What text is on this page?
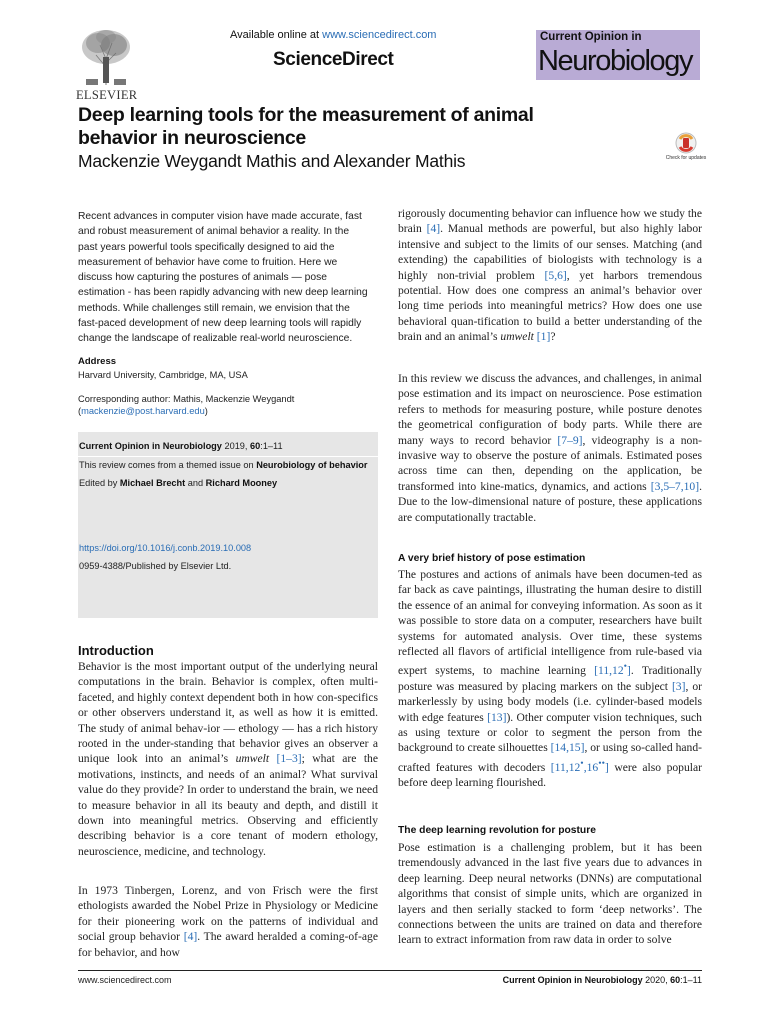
ELSEVIER
Available online at www.sciencedirect.com
ScienceDirect
Current Opinion in
Neurobiology
Deep learning tools for the measurement of animal behavior in neuroscience
Mackenzie Weygandt Mathis and Alexander Mathis	Check for updates
Recent advances in computer vision have made accurate, fast and robust measurement of animal behavior a reality. In the past years powerful tools specifically designed to aid the measurement of behavior have come to fruition. Here we discuss how capturing the postures of animals — pose estimation - has been rapidly advancing with new deep learning methods. While challenges still remain, we envision that the fast-paced development of new deep learning tools will rapidly change the landscape of realizable real-world neuroscience.
Address
Harvard University, Cambridge, MA, USA
Corresponding author: Mathis, Mackenzie Weygandt
(mackenzie@post.harvard.edu)
Current Opinion in Neurobiology 2019, 60:1–11
This review comes from a themed issue on Neurobiology of behavior
Edited by Michael Brecht and Richard Mooney
https://doi.org/10.1016/j.conb.2019.10.008
0959-4388/Published by Elsevier Ltd.
Introduction
Behavior is the most important output of the underlying neural computations in the brain. Behavior is complex, often multi-faceted, and highly context dependent both in how con-specifics or other observers understand it, as well as how it is emitted. The study of animal behav-ior — ethology — has a rich history rooted in the under-standing that behavior gives an observer a unique look into an animal’s umwelt [1–3]; what are the motivations, instincts, and needs of an animal? What survival value do they provide? In order to understand the brain, we need to measure behavior in all its beauty and depth, and distill it down into meaningful metrics. Observing and efficiently describing behavior is a core tenant of modern ethology, neuroscience, medicine, and technology.
In 1973 Tinbergen, Lorenz, and von Frisch were the first ethologists awarded the Nobel Prize in Physiology or Medicine for their pioneering work on the patterns of individual and social group behavior [4]. The award heralded a coming-of-age for behavior, and how
rigorously documenting behavior can influence how we study the brain [4]. Manual methods are powerful, but also highly labor intensive and subject to the limits of our senses. Matching (and extending) the capabilities of biologists with technology is a highly non-trivial problem [5,6], yet harbors tremendous potential. How does one compress an animal’s behavior over long time periods into meaningful metrics? How does one use behavioral quan-tification to build a better understanding of the brain and an animal’s umwelt [1]?
In this review we discuss the advances, and challenges, in animal pose estimation and its impact on neuroscience. Pose estimation refers to methods for measuring posture, while posture denotes the geometrical configuration of body parts. While there are many ways to record behavior [7–9], videography is a non-invasive way to observe the posture of animals. Estimated poses across time can then, depending on the application, be transformed into kine-matics, dynamics, and actions [3,5–7,10]. Due to the low-dimensional nature of posture, these applications are computationally tractable.
A very brief history of pose estimation
The postures and actions of animals have been documen-ted as far back as cave paintings, illustrating the human desire to distill the essence of an animal for conveying information. As soon as it was possible to store data on a computer, researchers have built systems for automated analysis. Over time, these systems reflected all flavors of artificial intelligence from rule-based via expert systems, to machine learning [11,12•]. Traditionally posture was measured by placing markers on the subject [3], or markerlessly by using body models (i.e. cylinder-based models with edge features [13]). Other computer vision techniques, such as using texture or color to segment the person from the background to create silhouettes [14,15], or using so-called hand-crafted features with decoders [11,12•,16••] were also popular before deep learning flourished.
The deep learning revolution for posture
Pose estimation is a challenging problem, but it has been tremendously advanced in the last five years due to advances in deep learning. Deep neural networks (DNNs) are computational algorithms that consist of simple units, which are organized in layers and then serially stacked to form ‘deep networks’. The connections between the units are trained on data and therefore learn to extract information from raw data in order to solve
www.sciencedirect.com	Current Opinion in Neurobiology 2020, 60:1–11
